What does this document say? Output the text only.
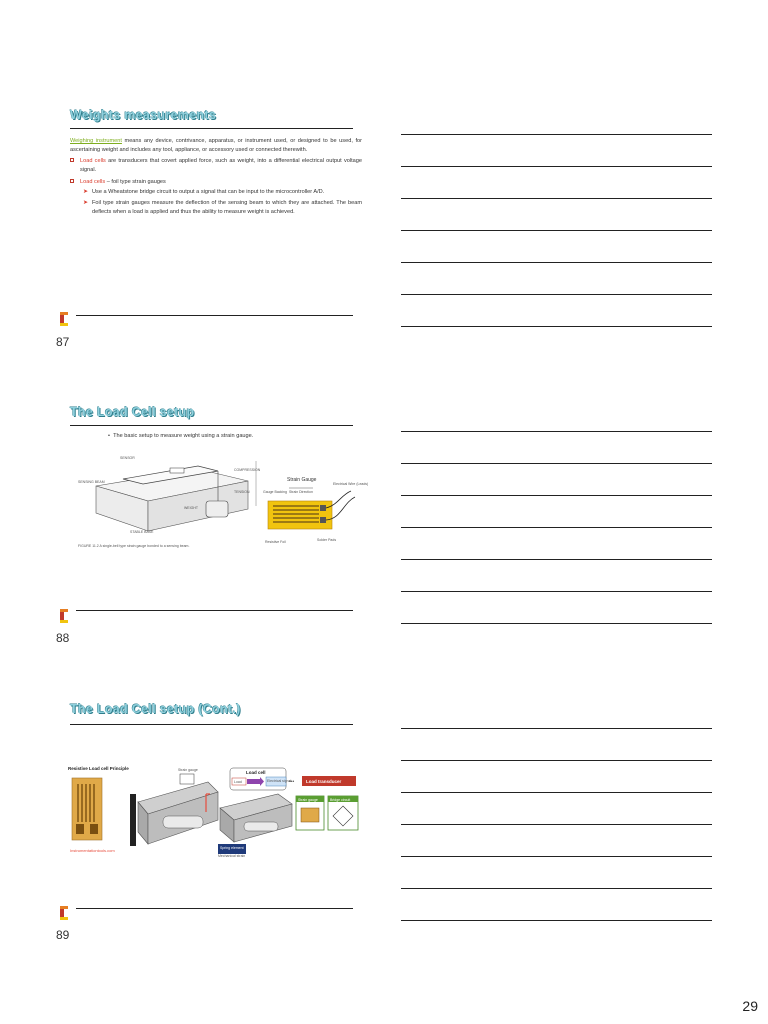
Weights measurements
Weighing instrument means any device, contrivance, apparatus, or instrument used, or designed to be used, for ascertaining weight and includes any tool, appliance, or accessory used or connected therewith.
Load cells are transducers that covert applied force, such as weight, into a differential electrical output voltage signal.
Load cells – foil type strain gauges
➤ Use a Wheatstone bridge circuit to output a signal that can be input to the microcontroller A/D.
➤ Foil type strain gauges measure the deflection of the sensing beam to which they are attached. The beam deflects when a load is applied and thus the ability to measure weight is achieved.
87
The Load Cell setup
•  The basic setup to measure weight using a strain gauge.
SENSOR
SENSING BEAM
STABLE BASE
WEIGHT
TENSION
COMPRESSION
FIGURE 11.2 A single-bell type strain gauge bonded to a sensing beam.
Strain Gauge
Gauge Backing Strain Direction
Electrical Wire (Leads)
Resistive Foil	Solder Pads
88
The Load Cell setup (Cont.)
Resistive Load cell Principle	Strain gauge
Instrumentationtools.com
Load cell
Load	Electrical signal
•••	Load transducer
Strain gauge	Bridge circuit
Spring element
Mechanical strain
89
29
